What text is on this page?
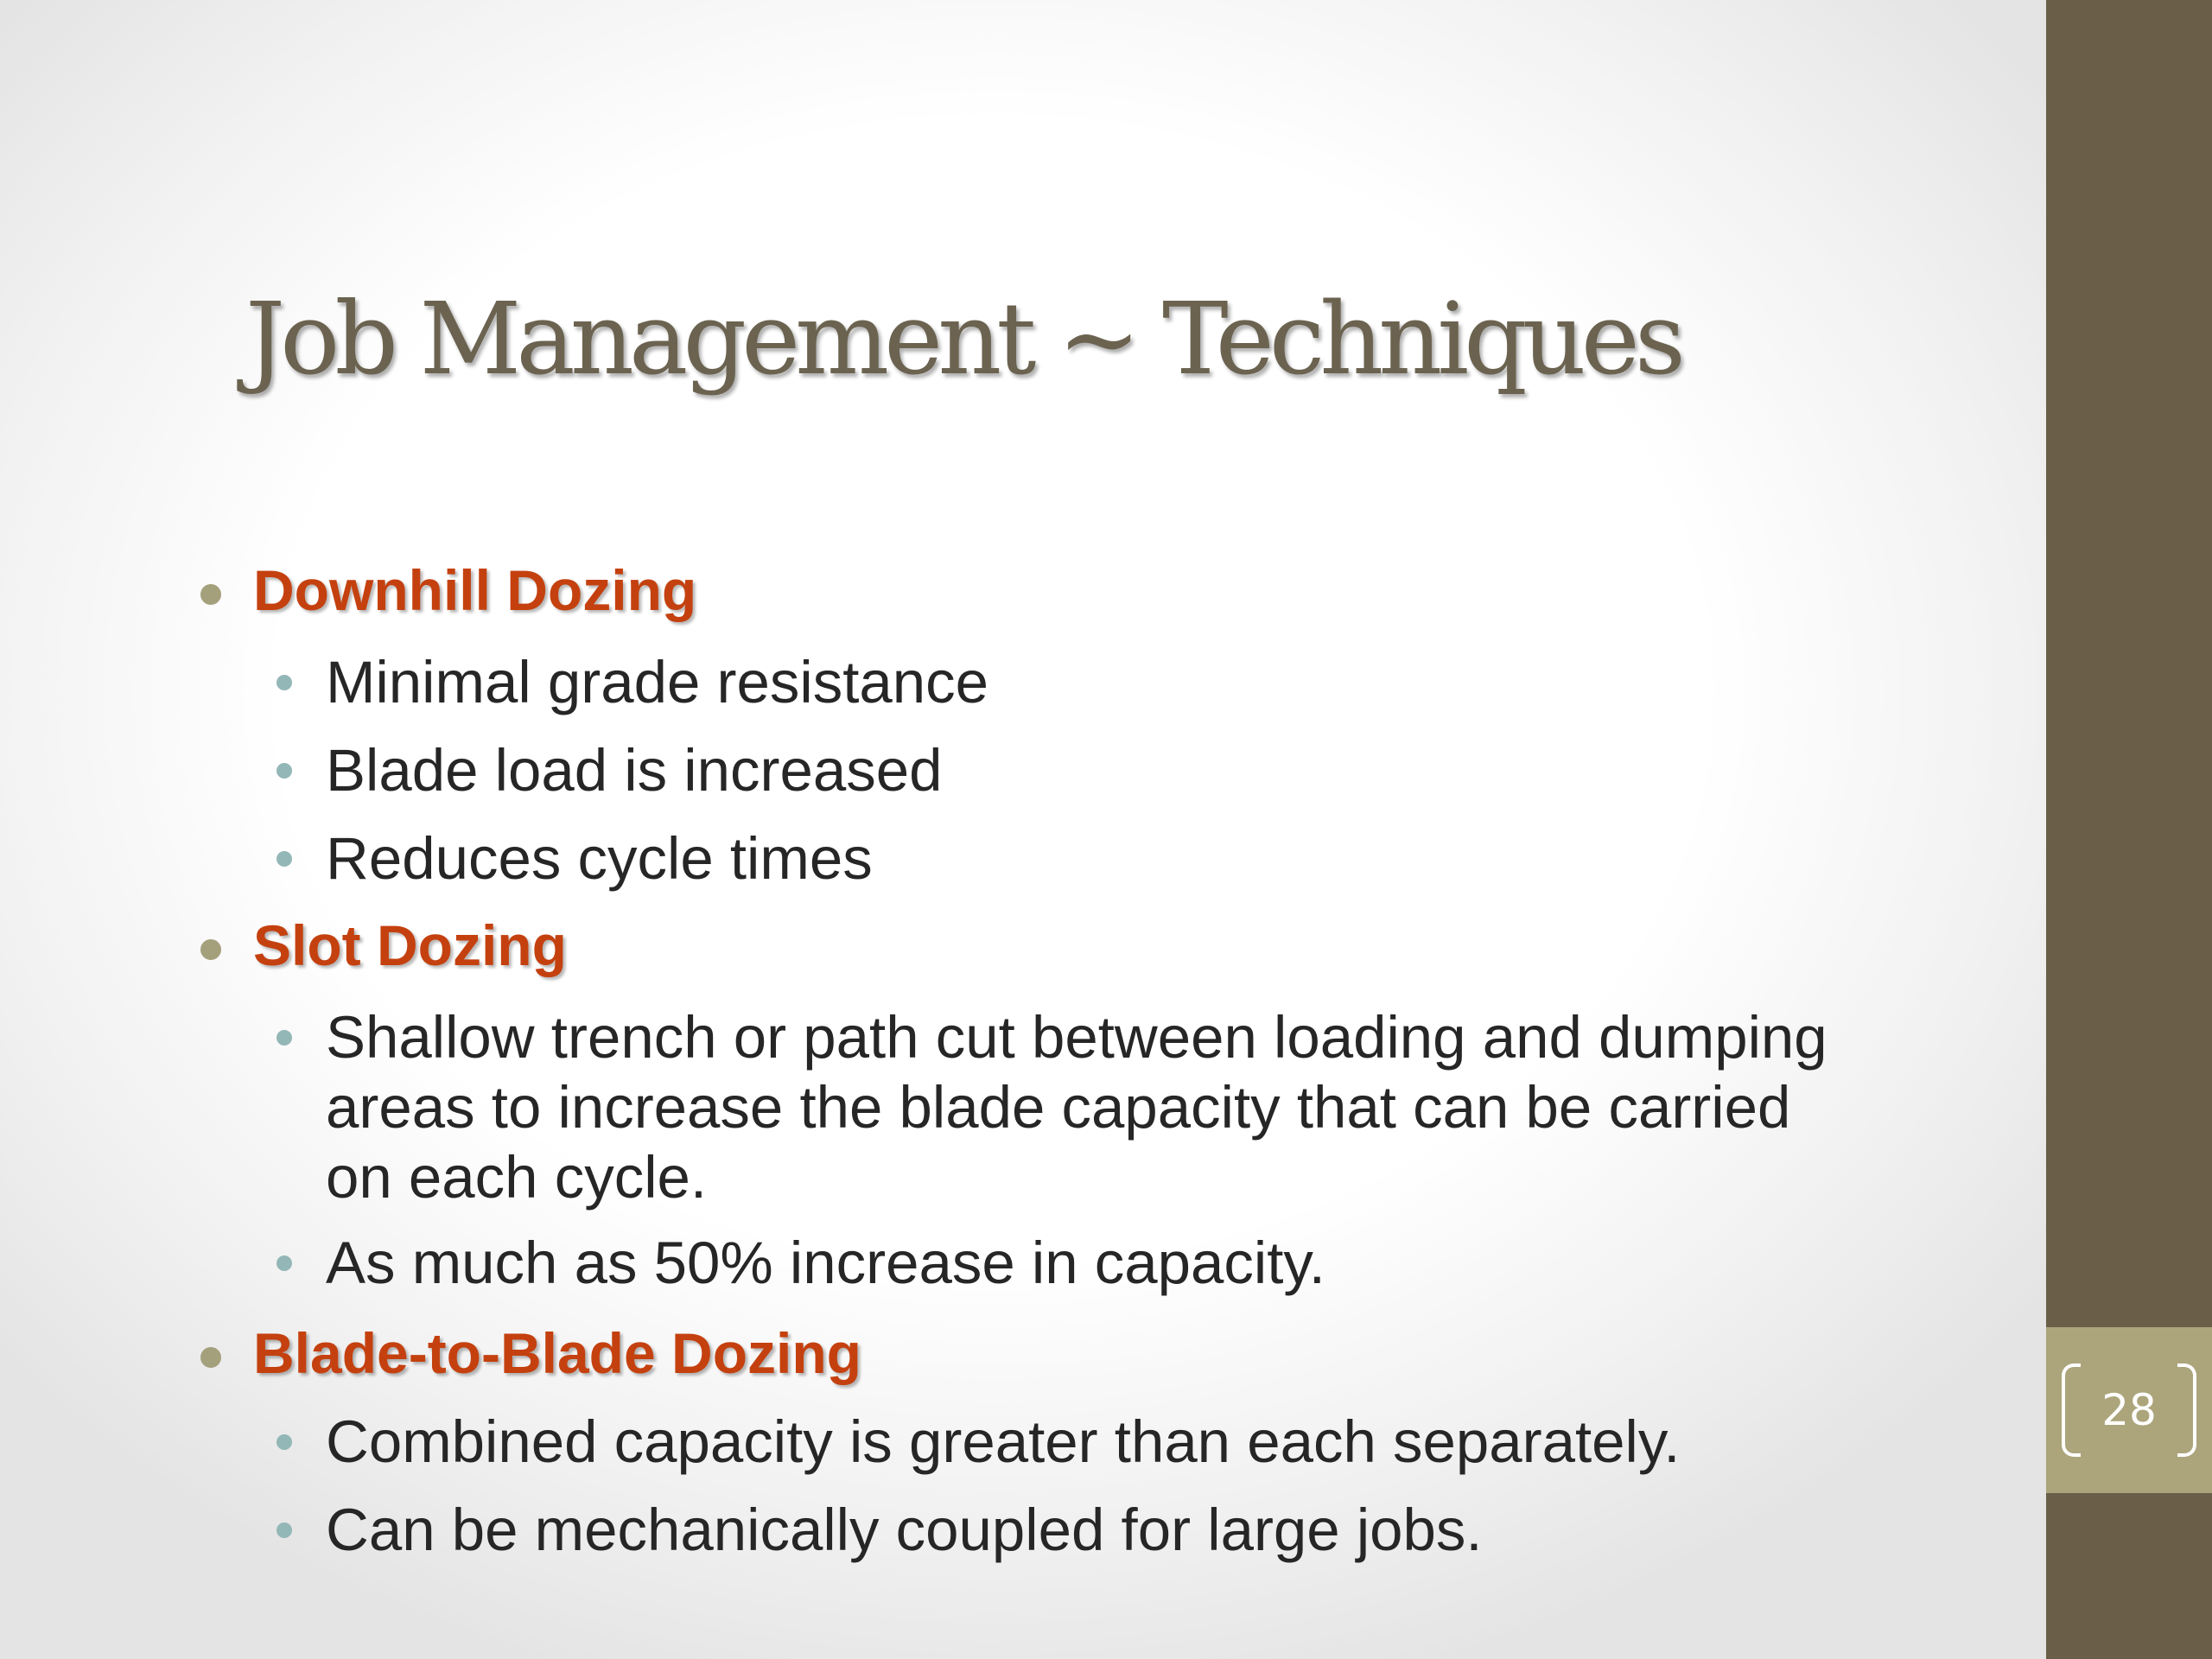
28
Job Management ~ Techniques
Downhill Dozing
Minimal grade resistance
Blade load is increased
Reduces cycle times
Slot Dozing
Shallow trench or path cut between loading and dumping
areas to increase the blade capacity that can be carried
on each cycle.
As much as 50% increase in capacity.
Blade-to-Blade Dozing
Combined capacity is greater than each separately.
Can be mechanically coupled for large jobs.
